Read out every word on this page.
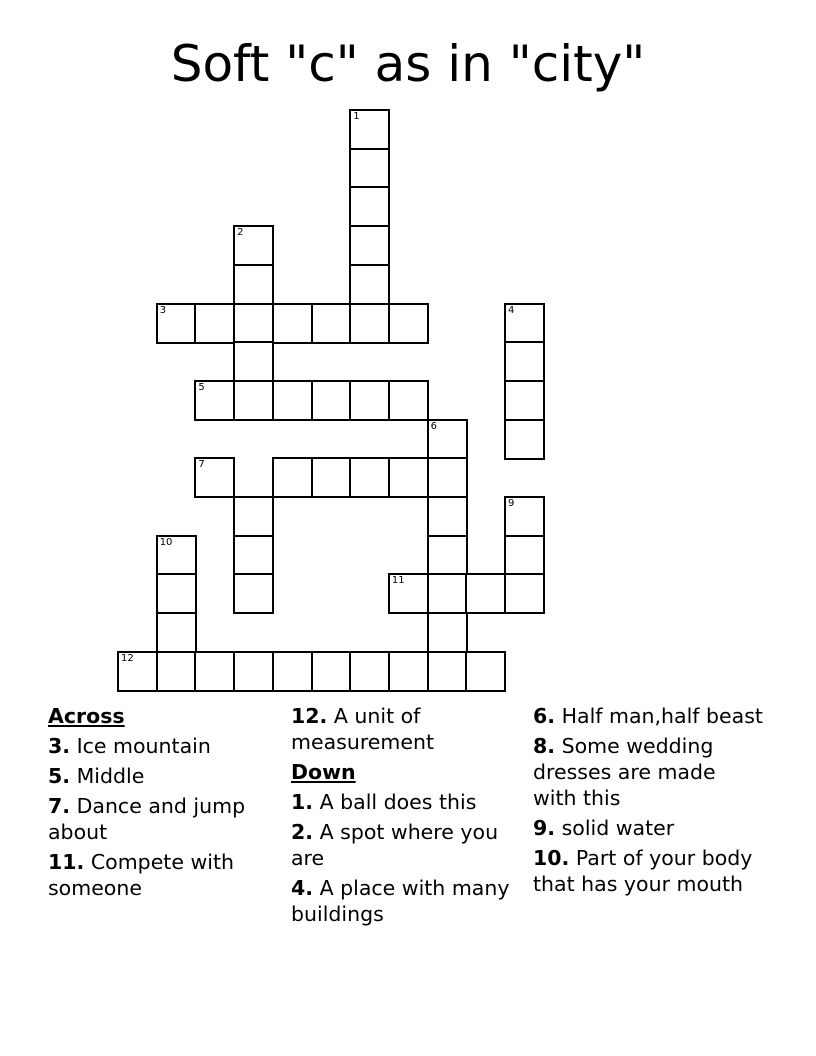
Soft "c" as in "city"
1
2
3	4
5
6
7
9
11
10
12
Across
3. Ice mountain
5. Middle
7. Dance and jump about
11. Compete with someone
12. A unit of measurement
Down
1. A ball does this
2. A spot where you are
4. A place with many buildings
6. Half man,half beast
8. Some wedding dresses are made with this
9. solid water
10. Part of your body that has your mouth
